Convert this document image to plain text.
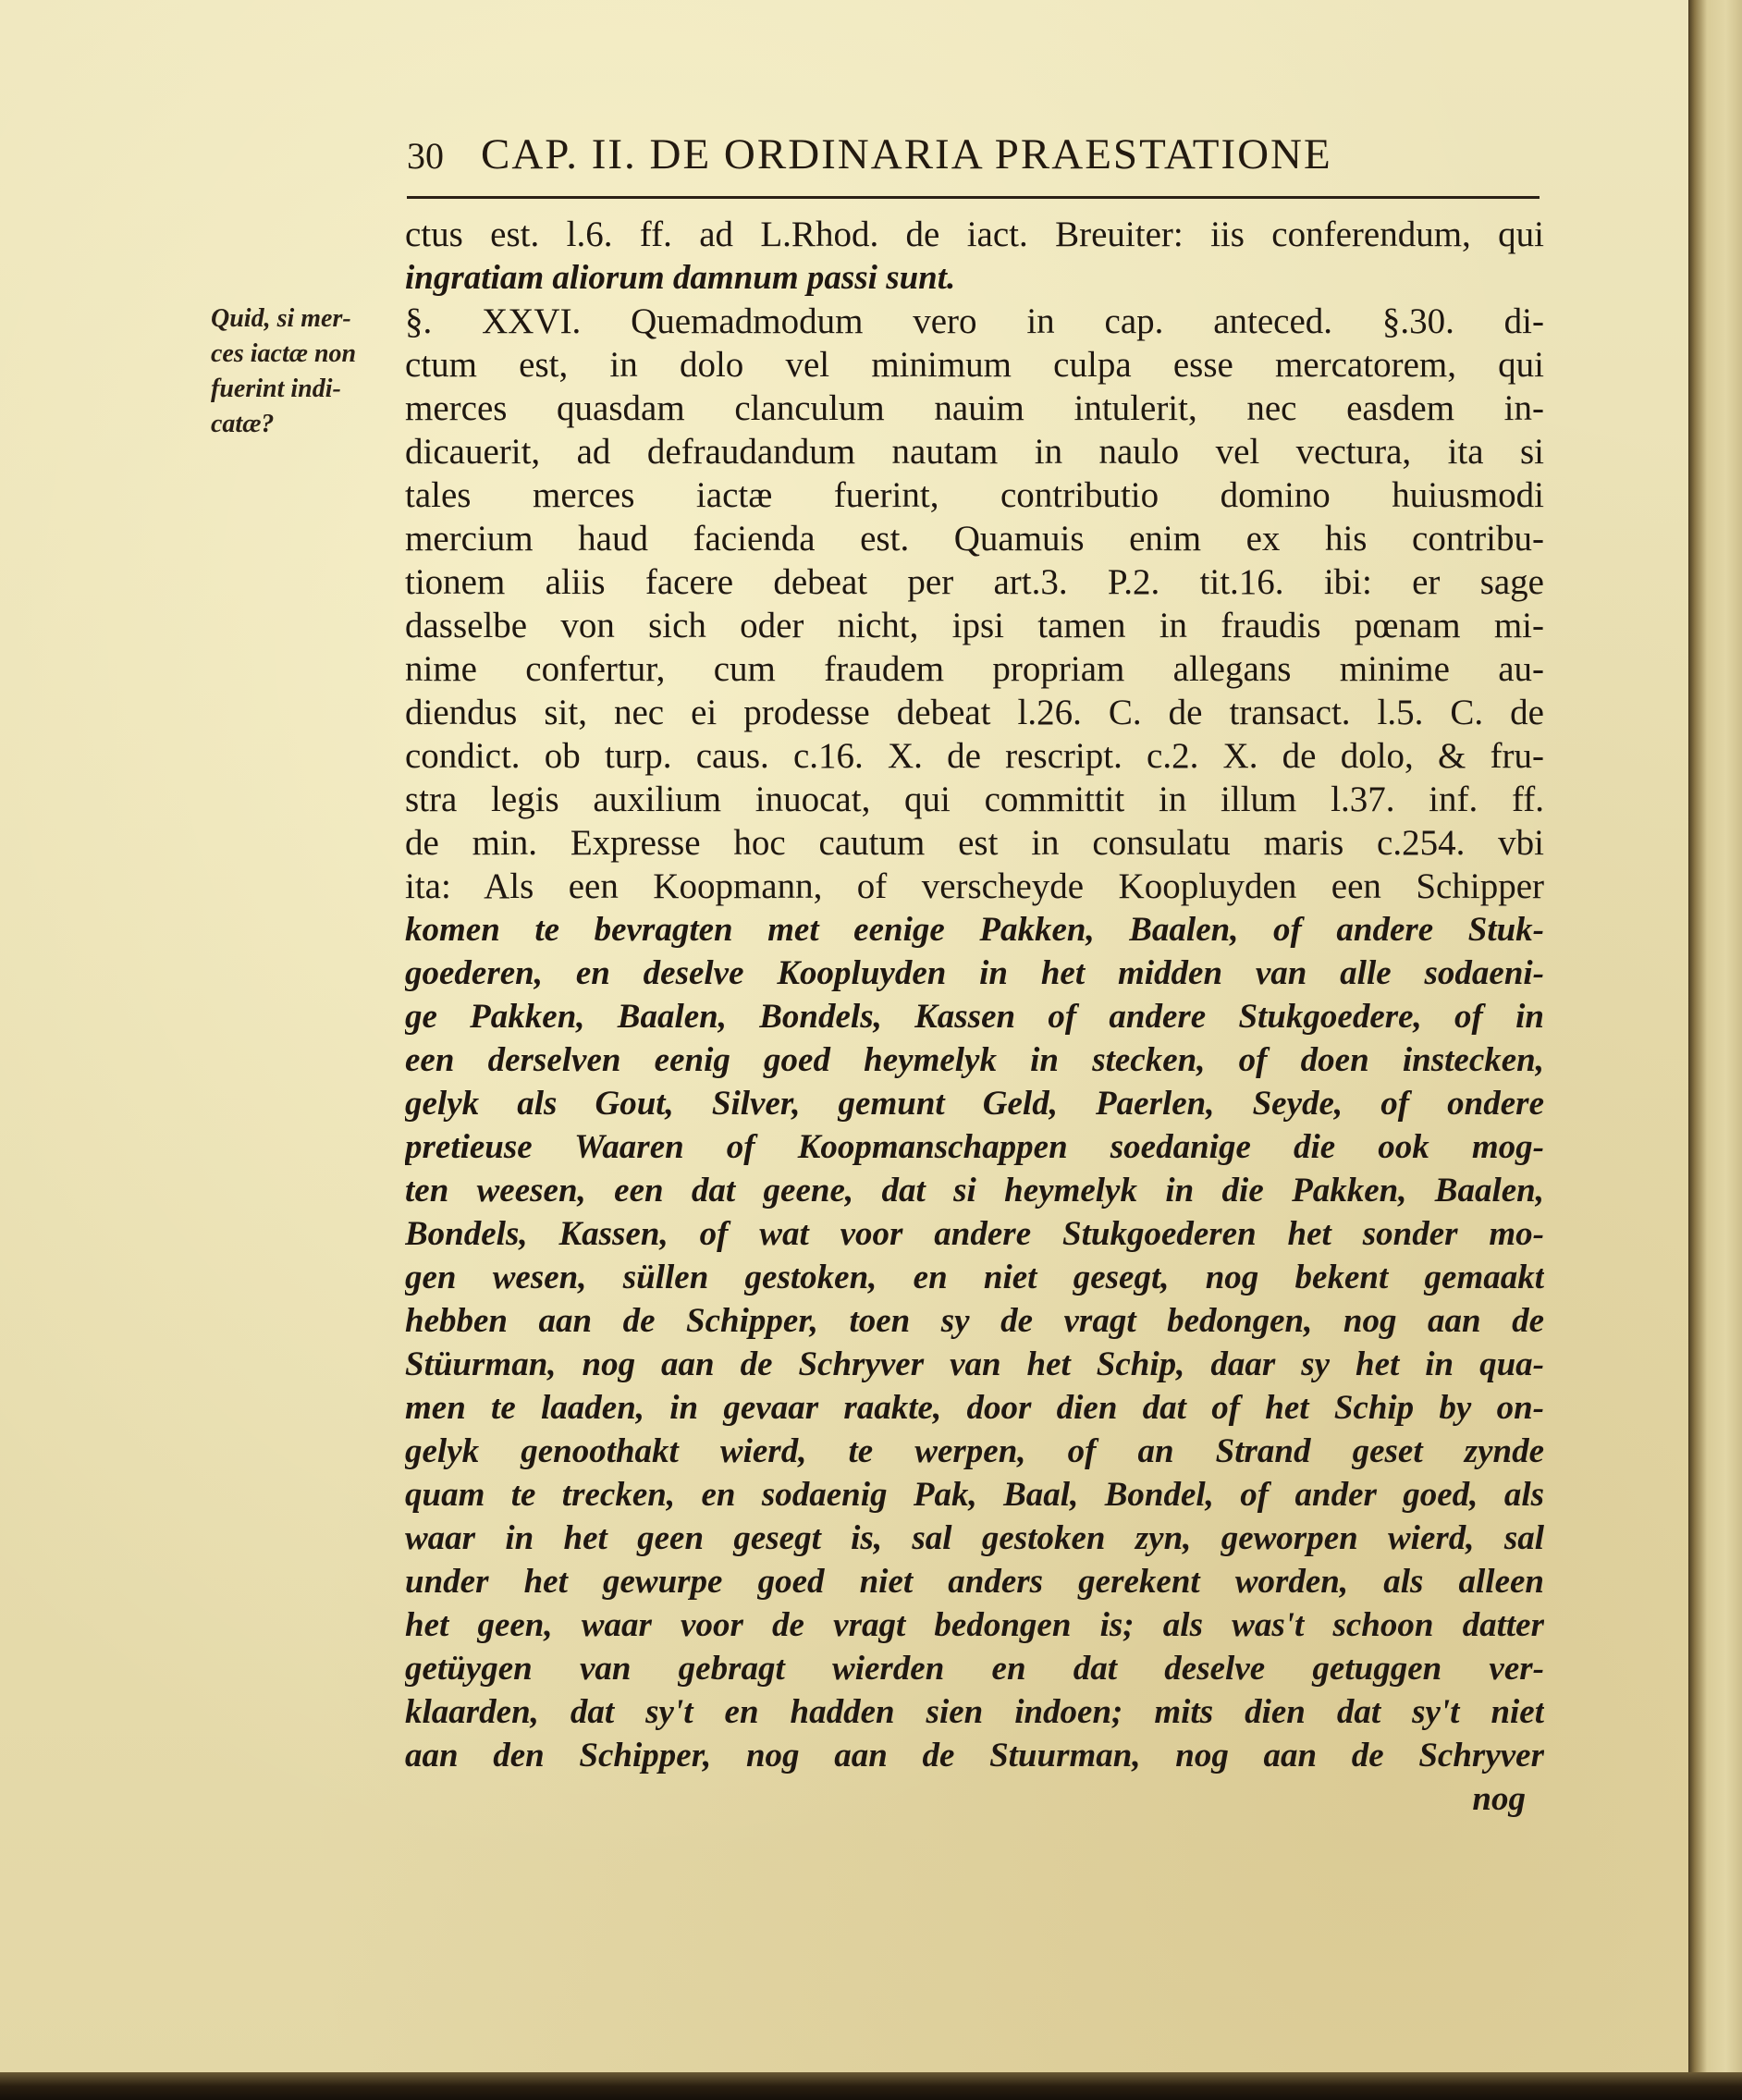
30 CAP. II. DE ORDINARIA PRAESTATIONE
Quid, si mer-
ces iactæ non
fuerint indi-
catæ?
ctus est. l.6. ff. ad L.Rhod. de iact. Breuiter: iis conferendum, qui
ingratiam aliorum damnum passi sunt.
§. XXVI. Quemadmodum vero in cap. anteced. §.30. di-
ctum est, in dolo vel minimum culpa esse mercatorem, qui
merces quasdam clanculum nauim intulerit, nec easdem in-
dicauerit, ad defraudandum nautam in naulo vel vectura, ita si
tales merces iactæ fuerint, contributio domino huiusmodi
mercium haud facienda est. Quamuis enim ex his contribu-
tionem aliis facere debeat per art.3. P.2. tit.16. ibi: er sage
dasselbe von sich oder nicht, ipsi tamen in fraudis pœnam mi-
nime confertur, cum fraudem propriam allegans minime au-
diendus sit, nec ei prodesse debeat l.26. C. de transact. l.5. C. de
condict. ob turp. caus. c.16. X. de rescript. c.2. X. de dolo, & fru-
stra legis auxilium inuocat, qui committit in illum l.37. inf. ff.
de min. Expresse hoc cautum est in consulatu maris c.254. vbi
ita: Als een Koopmann, of verscheyde Koopluyden een Schipper
komen te bevragten met eenige Pakken, Baalen, of andere Stuk-
goederen, en deselve Koopluyden in het midden van alle sodaeni-
ge Pakken, Baalen, Bondels, Kassen of andere Stukgoedere, of in
een derselven eenig goed heymelyk in stecken, of doen instecken,
gelyk als Gout, Silver, gemunt Geld, Paerlen, Seyde, of ondere
pretieuse Waaren of Koopmanschappen soedanige die ook mog-
ten weesen, een dat geene, dat si heymelyk in die Pakken, Baalen,
Bondels, Kassen, of wat voor andere Stukgoederen het sonder mo-
gen wesen, süllen gestoken, en niet gesegt, nog bekent gemaakt
hebben aan de Schipper, toen sy de vragt bedongen, nog aan de
Stüurman, nog aan de Schryver van het Schip, daar sy het in qua-
men te laaden, in gevaar raakte, door dien dat of het Schip by on-
gelyk genoothakt wierd, te werpen, of an Strand geset zynde
quam te trecken, en sodaenig Pak, Baal, Bondel, of ander goed, als
waar in het geen gesegt is, sal gestoken zyn, geworpen wierd, sal
under het gewurpe goed niet anders gerekent worden, als alleen
het geen, waar voor de vragt bedongen is; als was't schoon datter
getüygen van gebragt wierden en dat deselve getuggen ver-
klaarden, dat sy't en hadden sien indoen; mits dien dat sy't niet
aan den Schipper, nog aan de Stuurman, nog aan de Schryver
nog
